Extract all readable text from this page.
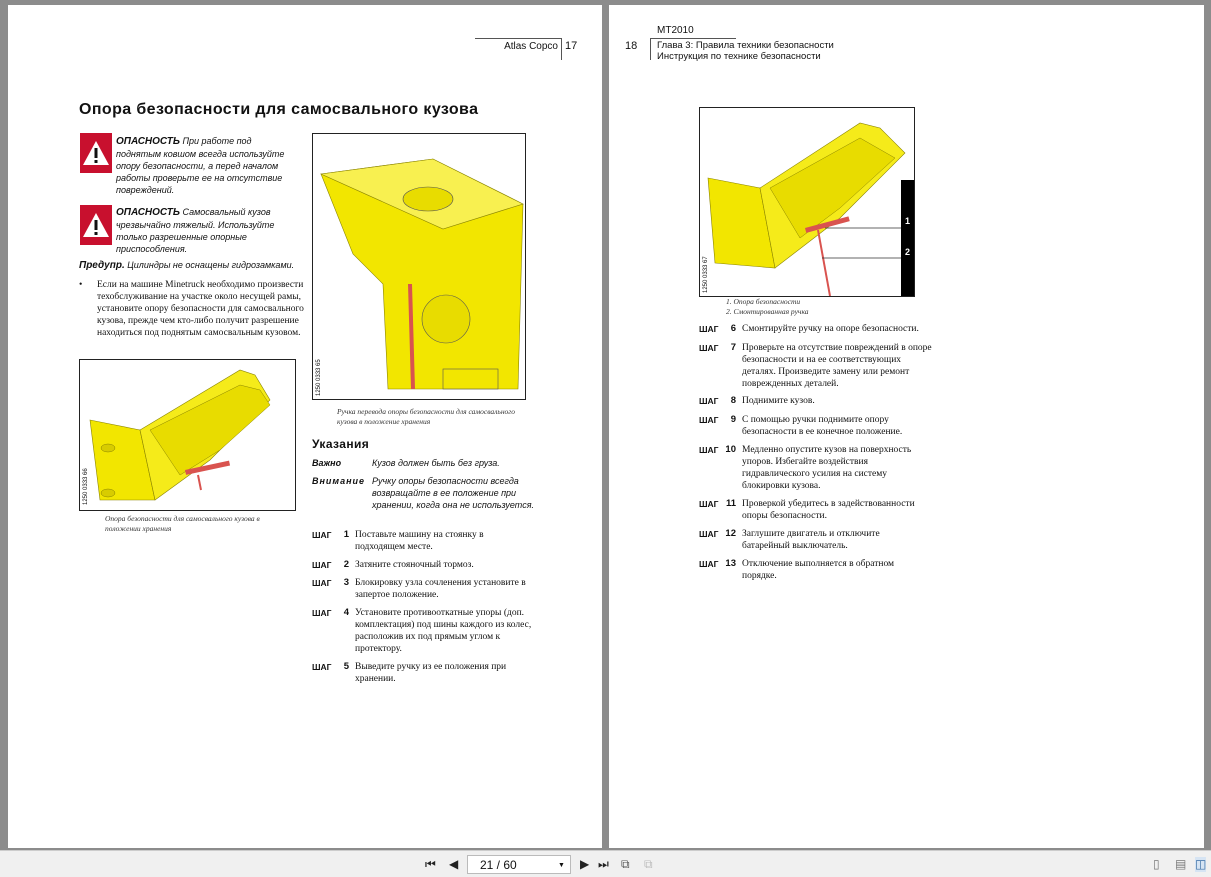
Atlas Copco 17
Опора безопасности для самосвального кузова
ОПАСНОСТЬ При работе под поднятым ковшом всегда используйте опору безопасности, а перед началом работы проверьте ее на отсутствие повреждений.
ОПАСНОСТЬ Самосвальный кузов чрезвычайно тяжелый. Используйте только разрешенные опорные приспособления.
Предупр. Цилиндры не оснащены гидрозамками.
•	Если на машине Minetruck необходимо произвести техобслуживание на участке около несущей рамы, установите опору безопасности для самосвального кузова, прежде чем кто-либо получит разрешение находиться под поднятым самосвальным кузовом.
1250 0333 66
Опора безопасности для самосвального кузова в положении хранения
1250 0333 65
Ручка перевода опоры безопасности для самосвального кузова в положение хранения
Указания
Важно	Кузов должен быть без груза.
Внимание Ручку опоры безопасности всегда возвращайте в ее положение при хранении, когда она не используется.
ШАГ	1 Поставьте машину на стоянку в подходящем месте.
ШАГ	2 Затяните стояночный тормоз.
ШАГ	3 Блокировку узла сочленения установите в запертое положение.
ШАГ	4 Установите противооткатные упоры (доп. комплектация) под шины каждого из колес, расположив их под прямым углом к протектору.
ШАГ	5 Выведите ручку из ее положения при хранении.
18
MT2010
Глава 3: Правила техники безопасности
Инструкция по технике безопасности
1
2
1250 0333 67
1. Опора безопасности
2. Смонтированная ручка
ШАГ	6 Смонтируйте ручку на опоре безопасности.
ШАГ	7 Проверьте на отсутствие повреждений в опоре безопасности и на ее соответствующих деталях. Произведите замену или ремонт поврежденных деталей.
ШАГ	8 Поднимите кузов.
ШАГ	9 С помощью ручки поднимите опору безопасности в ее конечное положение.
ШАГ 10 Медленно опустите кузов на поверхность упоров. Избегайте воздействия гидравлического усилия на систему блокировки кузова.
ШАГ 11 Проверкой убедитесь в задействованности опоры безопасности.
ШАГ 12 Заглушите двигатель и отключите батарейный выключатель.
ШАГ 13 Отключение выполняется в обратном порядке.
⏮ ◀ 21 / 60	▼ ▶ ⏭ ⧉ ⧉	▯ ▤ ◫
